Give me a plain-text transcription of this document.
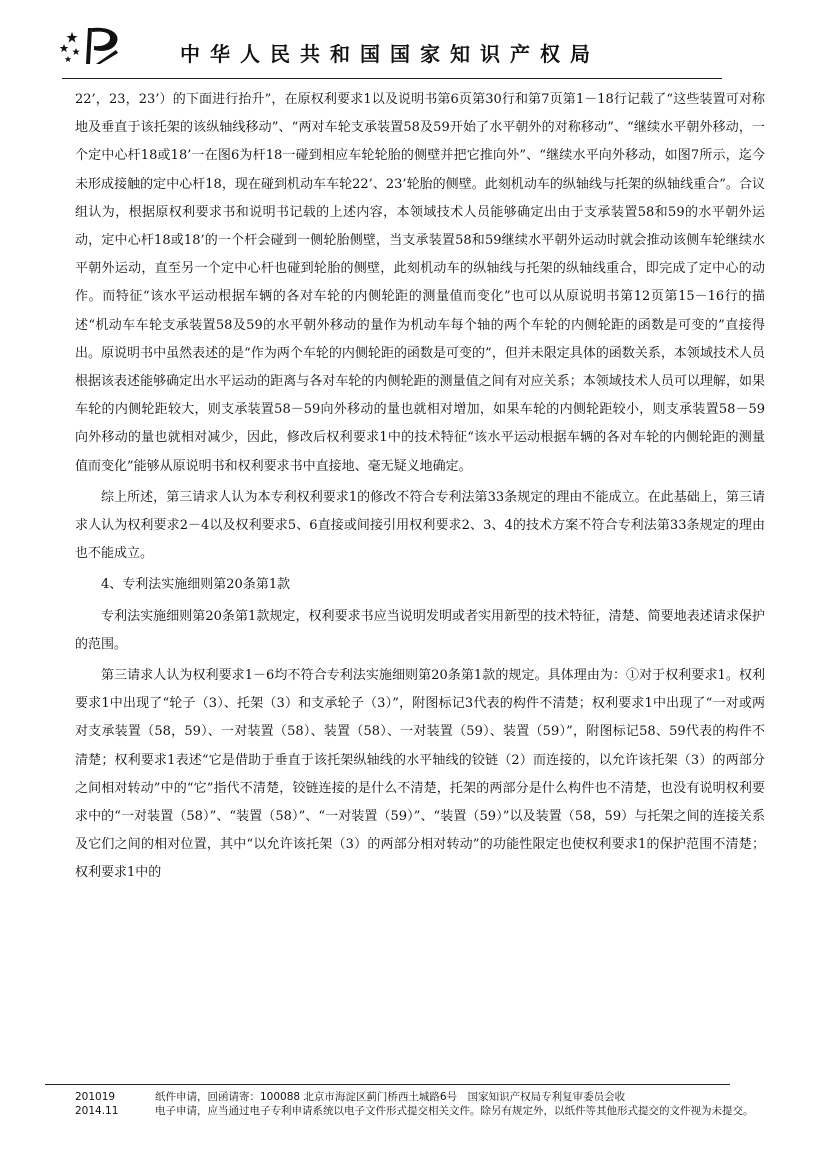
中华人民共和国国家知识产权局

22’，23，23’）的下面进行抬升”，在原权利要求1以及说明书第6页第30行和第7页第1－18行记载了“这些装置可对称地及垂直于该托架的该纵轴线移动”、“两对车轮支承装置58及59开始了水平朝外的对称移动”、“继续水平朝外移动，一个定中心杆18或18’一在图6为杆18一碰到相应车轮轮胎的侧壁并把它推向外”、“继续水平向外移动，如图7所示，迄今未形成接触的定中心杆18，现在碰到机动车车轮22’、23’轮胎的侧壁。此刻机动车的纵轴线与托架的纵轴线重合”。合议组认为，根据原权利要求书和说明书记载的上述内容，本领域技术人员能够确定出由于支承装置58和59的水平朝外运动，定中心杆18或18’的一个杆会碰到一侧轮胎侧壁，当支承装置58和59继续水平朝外运动时就会推动该侧车轮继续水平朝外运动，直至另一个定中心杆也碰到轮胎的侧壁，此刻机动车的纵轴线与托架的纵轴线重合，即完成了定中心的动作。而特征“该水平运动根据车辆的各对车轮的内侧轮距的测量值而变化”也可以从原说明书第12页第15－16行的描述“机动车车轮支承装置58及59的水平朝外移动的量作为机动车每个轴的两个车轮的内侧轮距的函数是可变的”直接得出。原说明书中虽然表述的是“作为两个车轮的内侧轮距的函数是可变的”，但并未限定具体的函数关系，本领域技术人员根据该表述能够确定出水平运动的距离与各对车轮的内侧轮距的测量值之间有对应关系；本领域技术人员可以理解，如果车轮的内侧轮距较大，则支承装置58－59向外移动的量也就相对增加，如果车轮的内侧轮距较小，则支承装置58－59向外移动的量也就相对减少，因此，修改后权利要求1中的技术特征“该水平运动根据车辆的各对车轮的内侧轮距的测量值而变化”能够从原说明书和权利要求书中直接地、毫无疑义地确定。

综上所述，第三请求人认为本专利权利要求1的修改不符合专利法第33条规定的理由不能成立。在此基础上，第三请求人认为权利要求2－4以及权利要求5、6直接或间接引用权利要求2、3、4的技术方案不符合专利法第33条规定的理由也不能成立。

4、专利法实施细则第20条第1款

专利法实施细则第20条第1款规定，权利要求书应当说明发明或者实用新型的技术特征，清楚、简要地表述请求保护的范围。

第三请求人认为权利要求1－6均不符合专利法实施细则第20条第1款的规定。具体理由为：①对于权利要求1。权利要求1中出现了“轮子（3）、托架（3）和支承轮子（3）”，附图标记3代表的构件不清楚；权利要求1中出现了“一对或两对支承装置（58，59）、一对装置（58）、装置（58）、一对装置（59）、装置（59）”，附图标记58、59代表的构件不清楚；权利要求1表述“它是借助于垂直于该托架纵轴线的水平轴线的铰链（2）而连接的，以允许该托架（3）的两部分之间相对转动”中的“它”指代不清楚，铰链连接的是什么不清楚，托架的两部分是什么构件也不清楚，也没有说明权利要求中的“一对装置（58）”、“装置（58）”、“一对装置（59）”、“装置（59）”以及装置（58，59）与托架之间的连接关系及它们之间的相对位置，其中“以允许该托架（3）的两部分相对转动”的功能性限定也使权利要求1的保护范围不清楚；权利要求1中的

201019	纸件申请，回函请寄：100088 北京市海淀区蓟门桥西土城路6号　国家知识产权局专利复审委员会收
2014.11	电子申请，应当通过电子专利申请系统以电子文件形式提交相关文件。除另有规定外，以纸件等其他形式提交的文件视为未提交。
